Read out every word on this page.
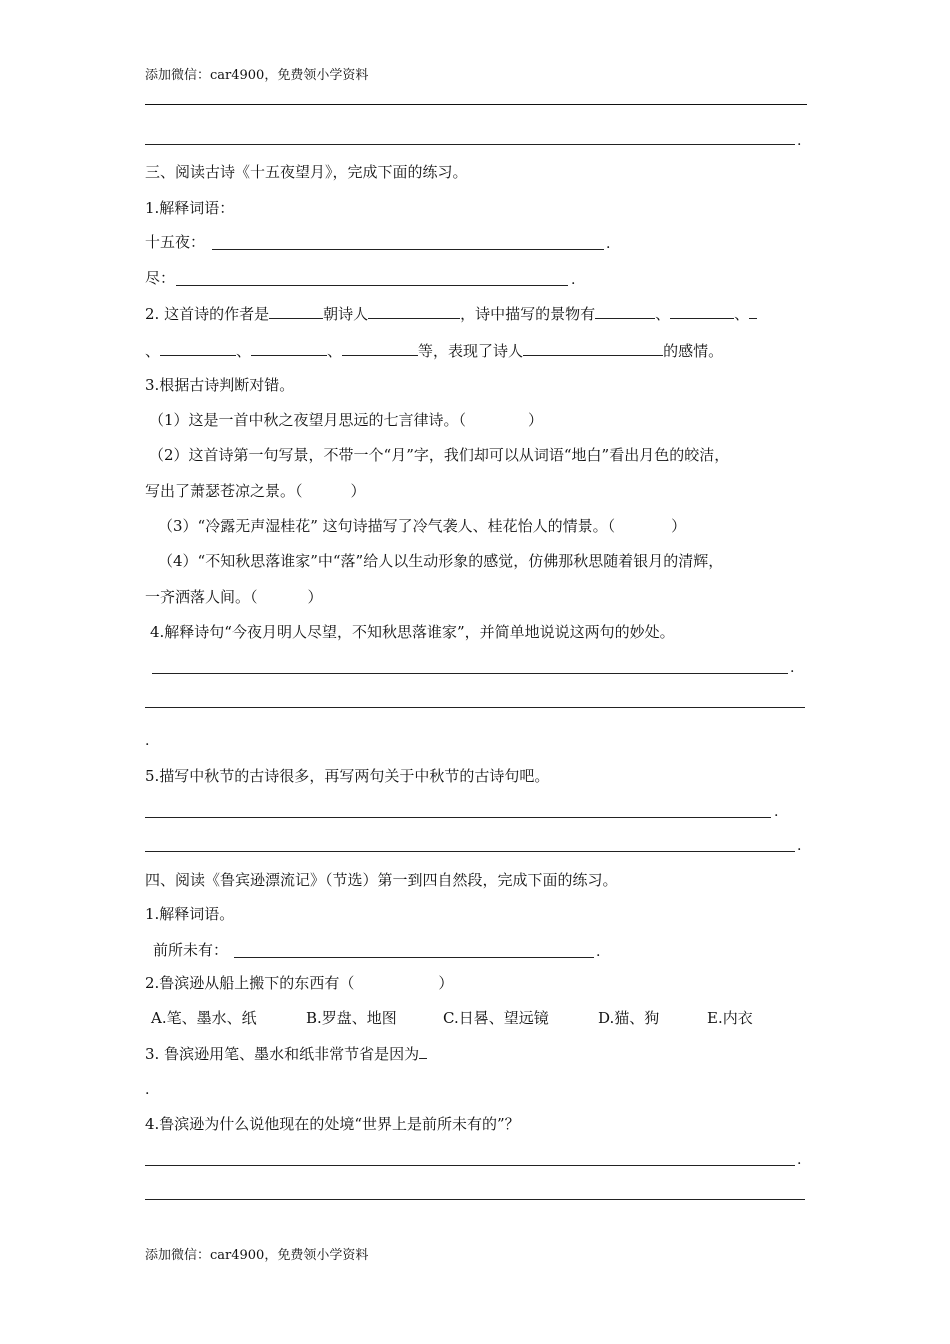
添加微信：car4900，免费领小学资料
.
三、阅读古诗《十五夜望月》，完成下面的练习。
1.解释词语：
十五夜：	.
尽：	.
2. 这首诗的作者是	朝诗人	，诗中描写的景物有	、	、
、	、	、	等，表现了诗人	的感情。
3.根据古诗判断对错。
（1）这是一首中秋之夜望月思远的七言律诗。（	）
（2）这首诗第一句写景，不带一个“月”字，我们却可以从词语“地白”看出月色的皎洁，
写出了萧瑟苍凉之景。（	）
（3）“冷露无声湿桂花” 这句诗描写了冷气袭人、桂花怡人的情景。（	）
（4）“不知秋思落谁家”中“落”给人以生动形象的感觉，仿佛那秋思随着银月的清辉，
一齐洒落人间。（	）
4.解释诗句“今夜月明人尽望，不知秋思落谁家”，并简单地说说这两句的妙处。
.
.
5.描写中秋节的古诗很多，再写两句关于中秋节的古诗句吧。
.
.
四、阅读《鲁宾逊漂流记》（节选）第一到四自然段，完成下面的练习。
1.解释词语。
前所未有：	.
2.鲁滨逊从船上搬下的东西有（	）
A.笔、墨水、纸	B.罗盘、地图	C.日晷、望远镜	D.猫、狗	E.内衣
3. 鲁滨逊用笔、墨水和纸非常节省是因为
.
4.鲁滨逊为什么说他现在的处境“世界上是前所未有的”？
.
添加微信：car4900，免费领小学资料
